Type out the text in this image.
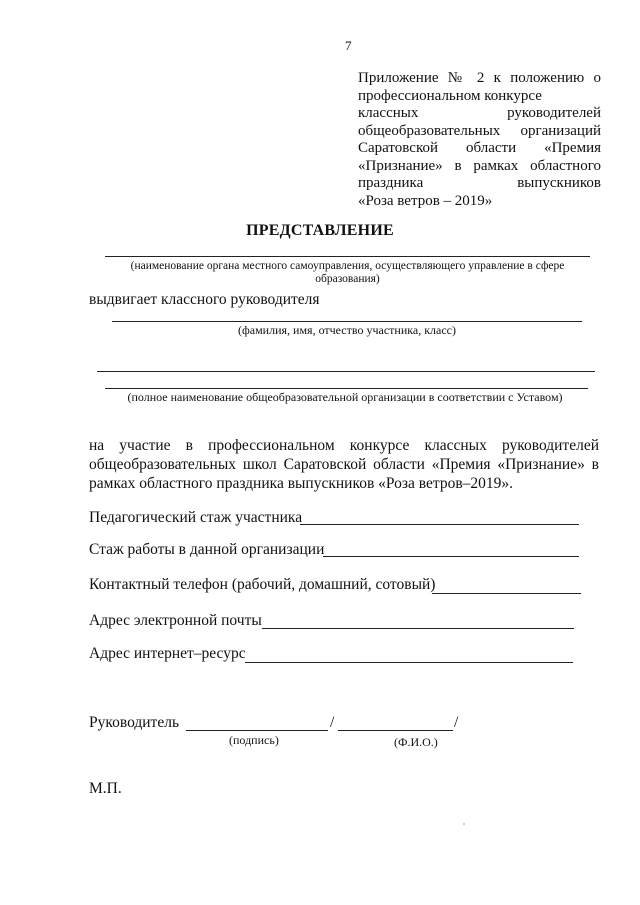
7
Приложение № 2 к положению о
профессиональном конкурсе
классных руководителей
общеобразовательных организаций
Саратовской области «Премия
«Признание» в рамках областного
праздника выпускников
«Роза ветров – 2019»
ПРЕДСТАВЛЕНИЕ
(наименование органа местного самоуправления, осуществляющего управление в сфере образования)
выдвигает классного руководителя
(фамилия, имя, отчество участника, класс)
(полное наименование общеобразовательной организации в соответствии с Уставом)
на участие в профессиональном конкурсе классных руководителей общеобразовательных школ Саратовской области «Премия «Признание» в рамках областного праздника выпускников «Роза ветров–2019».
Педагогический стаж участника
Стаж работы в данной организации
Контактный телефон (рабочий, домашний, сотовый)
Адрес электронной почты
Адрес интернет–ресурс
Руководитель	/	/
(подпись)	(Ф.И.О.)
М.П.
